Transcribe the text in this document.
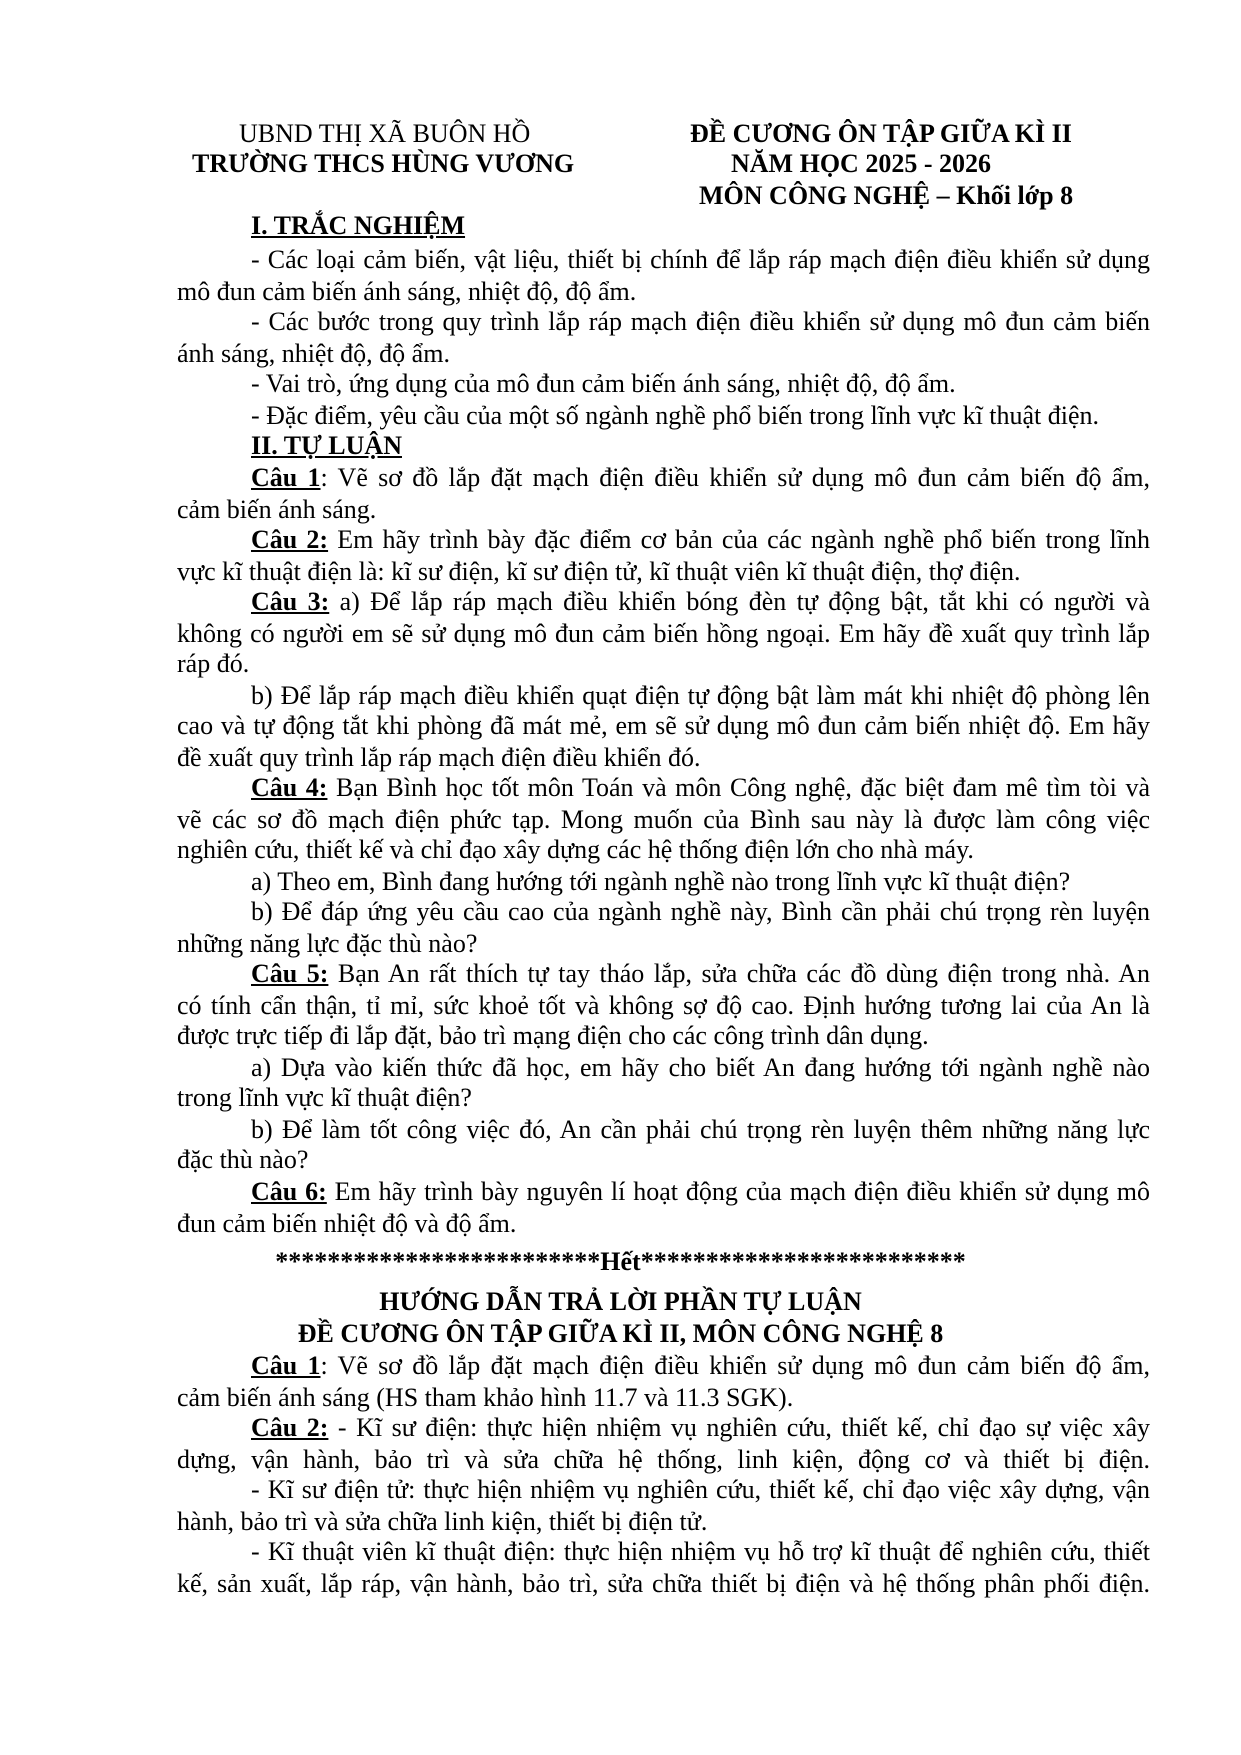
UBND THỊ XÃ BUÔN HỒ
TRƯỜNG THCS HÙNG VƯƠNG
ĐỀ CƯƠNG ÔN TẬP GIỮA KÌ II
NĂM HỌC 2025 - 2026
MÔN CÔNG NGHỆ – Khối lớp 8
I. TRẮC NGHIỆM
- Các loại cảm biến, vật liệu, thiết bị chính để lắp ráp mạch điện điều khiển sử dụng
mô đun cảm biến ánh sáng, nhiệt độ, độ ẩm.
- Các bước trong quy trình lắp ráp mạch điện điều khiển sử dụng mô đun cảm biến
ánh sáng, nhiệt độ, độ ẩm.
- Vai trò, ứng dụng của mô đun cảm biến ánh sáng, nhiệt độ, độ ẩm.
- Đặc điểm, yêu cầu của một số ngành nghề phổ biến trong lĩnh vực kĩ thuật điện.
II. TỰ LUẬN
Câu 1: Vẽ sơ đồ lắp đặt mạch điện điều khiển sử dụng mô đun cảm biến độ ẩm,
cảm biến ánh sáng.
Câu 2: Em hãy trình bày đặc điểm cơ bản của các ngành nghề phổ biến trong lĩnh
vực kĩ thuật điện là: kĩ sư điện, kĩ sư điện tử, kĩ thuật viên kĩ thuật điện, thợ điện.
Câu 3: a) Để lắp ráp mạch điều khiển bóng đèn tự động bật, tắt khi có người và
không có người em sẽ sử dụng mô đun cảm biến hồng ngoại. Em hãy đề xuất quy trình lắp
ráp đó.
b) Để lắp ráp mạch điều khiển quạt điện tự động bật làm mát khi nhiệt độ phòng lên
cao và tự động tắt khi phòng đã mát mẻ, em sẽ sử dụng mô đun cảm biến nhiệt độ. Em hãy
đề xuất quy trình lắp ráp mạch điện điều khiển đó.
Câu 4: Bạn Bình học tốt môn Toán và môn Công nghệ, đặc biệt đam mê tìm tòi và
vẽ các sơ đồ mạch điện phức tạp. Mong muốn của Bình sau này là được làm công việc
nghiên cứu, thiết kế và chỉ đạo xây dựng các hệ thống điện lớn cho nhà máy.
a) Theo em, Bình đang hướng tới ngành nghề nào trong lĩnh vực kĩ thuật điện?
b) Để đáp ứng yêu cầu cao của ngành nghề này, Bình cần phải chú trọng rèn luyện
những năng lực đặc thù nào?
Câu 5: Bạn An rất thích tự tay tháo lắp, sửa chữa các đồ dùng điện trong nhà. An
có tính cẩn thận, tỉ mỉ, sức khoẻ tốt và không sợ độ cao. Định hướng tương lai của An là
được trực tiếp đi lắp đặt, bảo trì mạng điện cho các công trình dân dụng.
a) Dựa vào kiến thức đã học, em hãy cho biết An đang hướng tới ngành nghề nào
trong lĩnh vực kĩ thuật điện?
b) Để làm tốt công việc đó, An cần phải chú trọng rèn luyện thêm những năng lực
đặc thù nào?
Câu 6: Em hãy trình bày nguyên lí hoạt động của mạch điện điều khiển sử dụng mô
đun cảm biến nhiệt độ và độ ẩm.
*************************Hết*************************
HƯỚNG DẪN TRẢ LỜI PHẦN TỰ LUẬN
ĐỀ CƯƠNG ÔN TẬP GIỮA KÌ II, MÔN CÔNG NGHỆ 8
Câu 1: Vẽ sơ đồ lắp đặt mạch điện điều khiển sử dụng mô đun cảm biến độ ẩm,
cảm biến ánh sáng (HS tham khảo hình 11.7 và 11.3 SGK).
Câu 2: - Kĩ sư điện: thực hiện nhiệm vụ nghiên cứu, thiết kế, chỉ đạo sự việc xây
dựng, vận hành, bảo trì và sửa chữa hệ thống, linh kiện, động cơ và thiết bị điện.
- Kĩ sư điện tử: thực hiện nhiệm vụ nghiên cứu, thiết kế, chỉ đạo việc xây dựng, vận
hành, bảo trì và sửa chữa linh kiện, thiết bị điện tử.
- Kĩ thuật viên kĩ thuật điện: thực hiện nhiệm vụ hỗ trợ kĩ thuật để nghiên cứu, thiết
kế, sản xuất, lắp ráp, vận hành, bảo trì, sửa chữa thiết bị điện và hệ thống phân phối điện.
